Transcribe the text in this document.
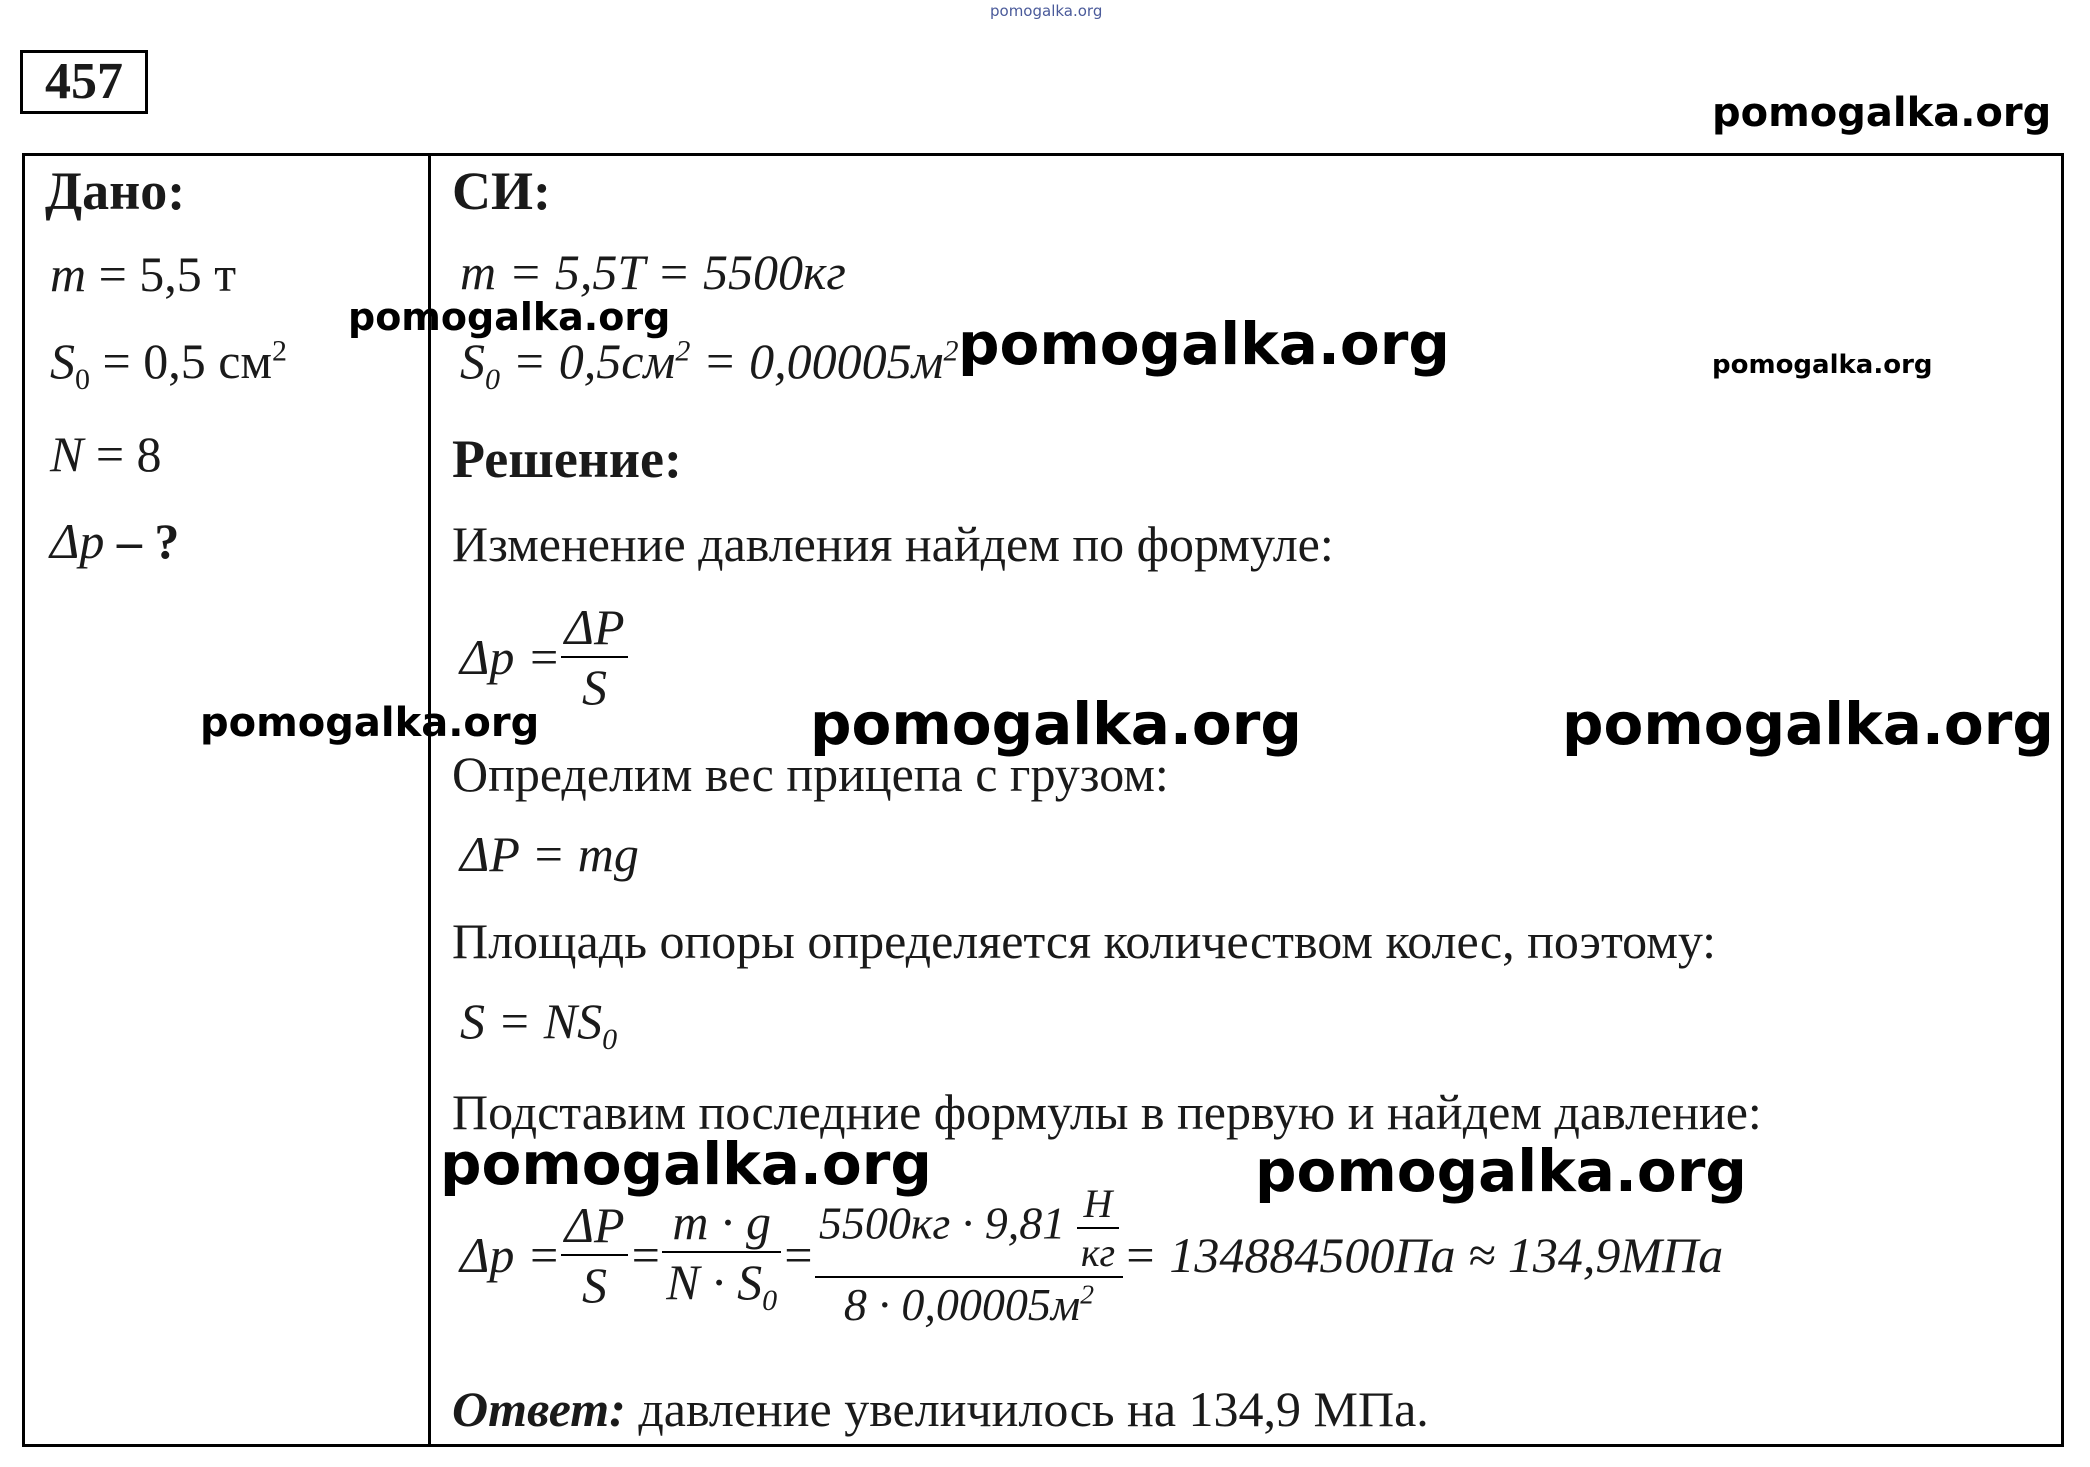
pomogalka.org
457
pomogalka.org
Дано:
m = 5,5 т
$S_0 = 0,5$ $см^2$
N = 8
Δp – ?
СИ:
m = 5,5T = 5500кг
$S_0 = 0,5см^2 = 0,00005м^2$
Решение:
Изменение давления найдем по формуле:
$\Delta p = \frac{\Delta P}{S}$
Определим вес прицепа с грузом:
ΔP = mg
Площадь опоры определяется количеством колес, поэтому:
$S = NS_0$
Подставим последние формулы в первую и найдем давление:
$\Delta p = \frac{\Delta P}{S} = \frac{m \cdot g}{N \cdot S_0} = \frac{5500кг \cdot 9,81 \frac{H}{кг}}{8 \cdot 0,00005м^2} = 134884500Па \approx 134,9МПа$
Ответ: давление увеличилось на 134,9 МПа.
pomogalka.org	pomogalka.org	pomogalka.org
pomogalka.org	pomogalka.org	pomogalka.org
pomogalka.org	pomogalka.org
